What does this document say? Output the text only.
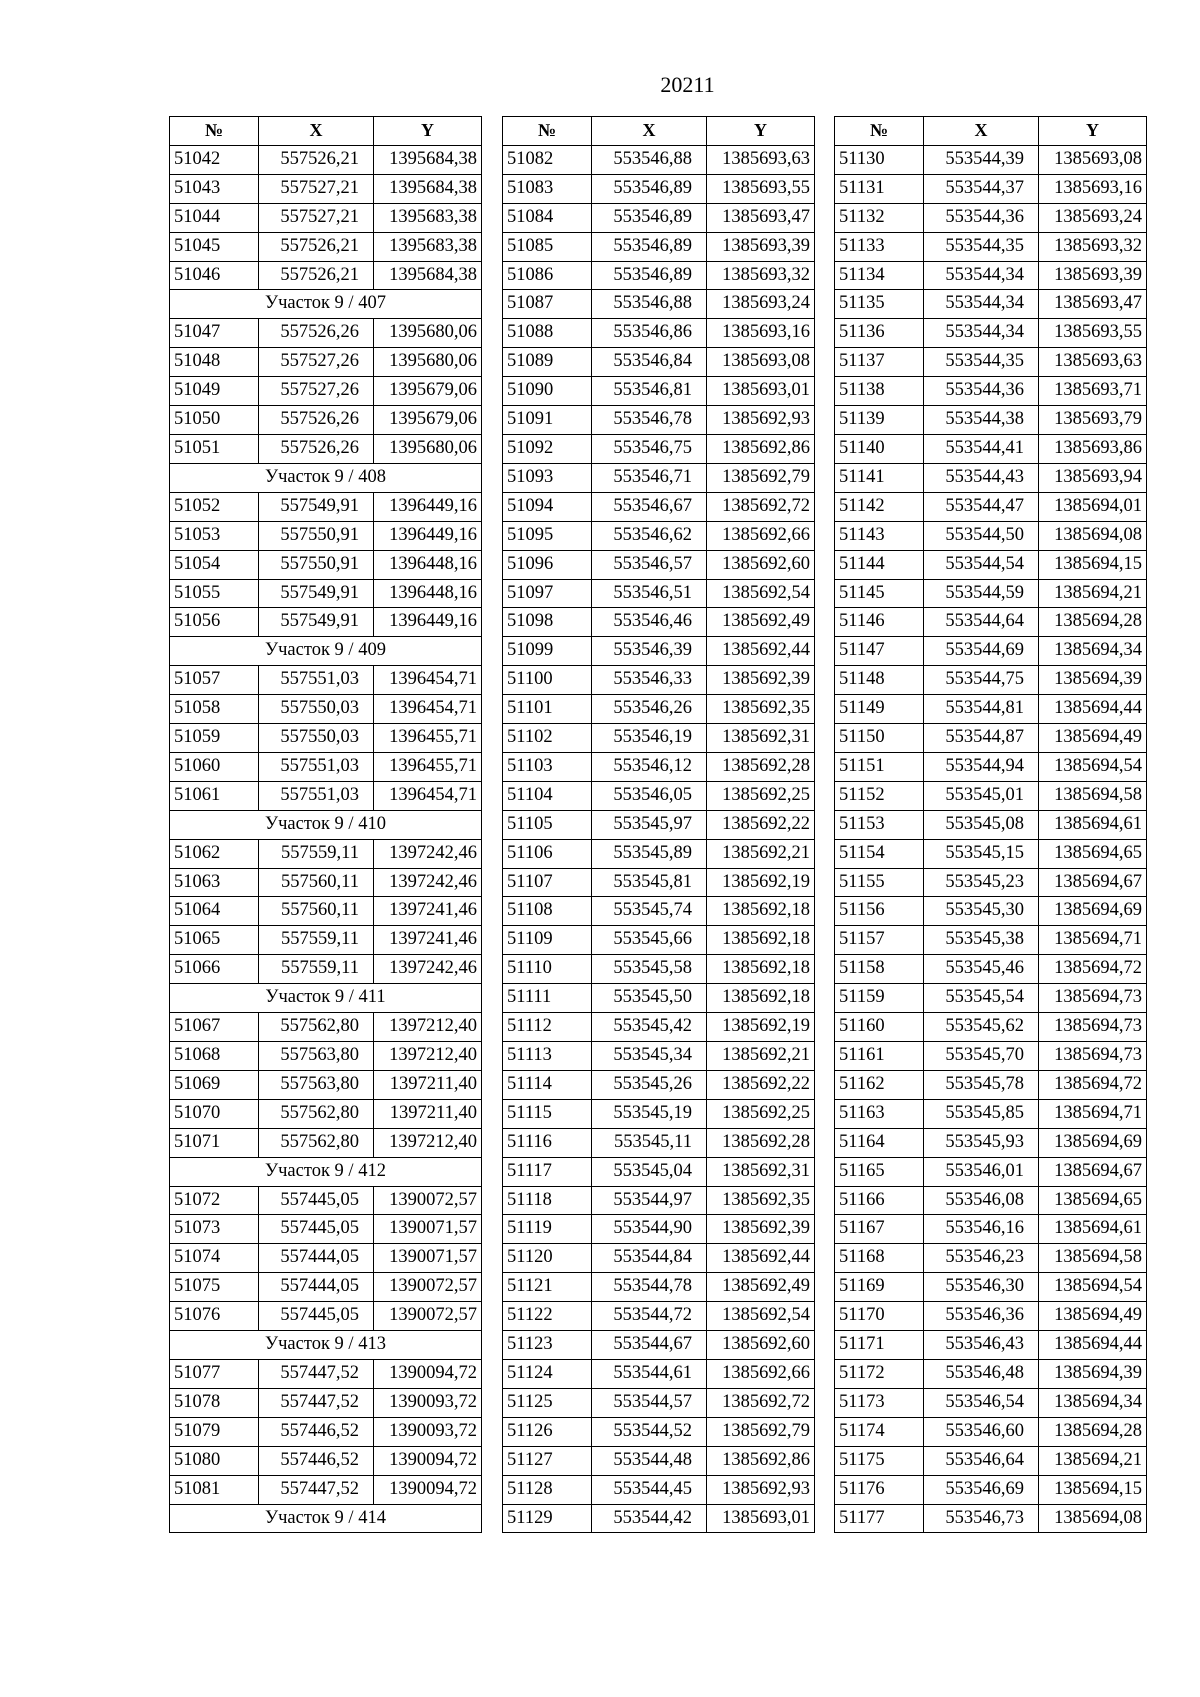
20211
№	X	Y
51042	557526,21	1395684,38
51043	557527,21	1395684,38
51044	557527,21	1395683,38
51045	557526,21	1395683,38
51046	557526,21	1395684,38
Участок 9 / 407		
51047	557526,26	1395680,06
51048	557527,26	1395680,06
51049	557527,26	1395679,06
51050	557526,26	1395679,06
51051	557526,26	1395680,06
Участок 9 / 408		
51052	557549,91	1396449,16
51053	557550,91	1396449,16
51054	557550,91	1396448,16
51055	557549,91	1396448,16
51056	557549,91	1396449,16
Участок 9 / 409		
51057	557551,03	1396454,71
51058	557550,03	1396454,71
51059	557550,03	1396455,71
51060	557551,03	1396455,71
51061	557551,03	1396454,71
Участок 9 / 410		
51062	557559,11	1397242,46
51063	557560,11	1397242,46
51064	557560,11	1397241,46
51065	557559,11	1397241,46
51066	557559,11	1397242,46
Участок 9 / 411		
51067	557562,80	1397212,40
51068	557563,80	1397212,40
51069	557563,80	1397211,40
51070	557562,80	1397211,40
51071	557562,80	1397212,40
Участок 9 / 412		
51072	557445,05	1390072,57
51073	557445,05	1390071,57
51074	557444,05	1390071,57
51075	557444,05	1390072,57
51076	557445,05	1390072,57
Участок 9 / 413		
51077	557447,52	1390094,72
51078	557447,52	1390093,72
51079	557446,52	1390093,72
51080	557446,52	1390094,72
51081	557447,52	1390094,72
Участок 9 / 414		
№	X	Y
51082	553546,88	1385693,63
51083	553546,89	1385693,55
51084	553546,89	1385693,47
51085	553546,89	1385693,39
51086	553546,89	1385693,32
51087	553546,88	1385693,24
51088	553546,86	1385693,16
51089	553546,84	1385693,08
51090	553546,81	1385693,01
51091	553546,78	1385692,93
51092	553546,75	1385692,86
51093	553546,71	1385692,79
51094	553546,67	1385692,72
51095	553546,62	1385692,66
51096	553546,57	1385692,60
51097	553546,51	1385692,54
51098	553546,46	1385692,49
51099	553546,39	1385692,44
51100	553546,33	1385692,39
51101	553546,26	1385692,35
51102	553546,19	1385692,31
51103	553546,12	1385692,28
51104	553546,05	1385692,25
51105	553545,97	1385692,22
51106	553545,89	1385692,21
51107	553545,81	1385692,19
51108	553545,74	1385692,18
51109	553545,66	1385692,18
51110	553545,58	1385692,18
51111	553545,50	1385692,18
51112	553545,42	1385692,19
51113	553545,34	1385692,21
51114	553545,26	1385692,22
51115	553545,19	1385692,25
51116	553545,11	1385692,28
51117	553545,04	1385692,31
51118	553544,97	1385692,35
51119	553544,90	1385692,39
51120	553544,84	1385692,44
51121	553544,78	1385692,49
51122	553544,72	1385692,54
51123	553544,67	1385692,60
51124	553544,61	1385692,66
51125	553544,57	1385692,72
51126	553544,52	1385692,79
51127	553544,48	1385692,86
51128	553544,45	1385692,93
51129	553544,42	1385693,01
№	X	Y
51130	553544,39	1385693,08
51131	553544,37	1385693,16
51132	553544,36	1385693,24
51133	553544,35	1385693,32
51134	553544,34	1385693,39
51135	553544,34	1385693,47
51136	553544,34	1385693,55
51137	553544,35	1385693,63
51138	553544,36	1385693,71
51139	553544,38	1385693,79
51140	553544,41	1385693,86
51141	553544,43	1385693,94
51142	553544,47	1385694,01
51143	553544,50	1385694,08
51144	553544,54	1385694,15
51145	553544,59	1385694,21
51146	553544,64	1385694,28
51147	553544,69	1385694,34
51148	553544,75	1385694,39
51149	553544,81	1385694,44
51150	553544,87	1385694,49
51151	553544,94	1385694,54
51152	553545,01	1385694,58
51153	553545,08	1385694,61
51154	553545,15	1385694,65
51155	553545,23	1385694,67
51156	553545,30	1385694,69
51157	553545,38	1385694,71
51158	553545,46	1385694,72
51159	553545,54	1385694,73
51160	553545,62	1385694,73
51161	553545,70	1385694,73
51162	553545,78	1385694,72
51163	553545,85	1385694,71
51164	553545,93	1385694,69
51165	553546,01	1385694,67
51166	553546,08	1385694,65
51167	553546,16	1385694,61
51168	553546,23	1385694,58
51169	553546,30	1385694,54
51170	553546,36	1385694,49
51171	553546,43	1385694,44
51172	553546,48	1385694,39
51173	553546,54	1385694,34
51174	553546,60	1385694,28
51175	553546,64	1385694,21
51176	553546,69	1385694,15
51177	553546,73	1385694,08
